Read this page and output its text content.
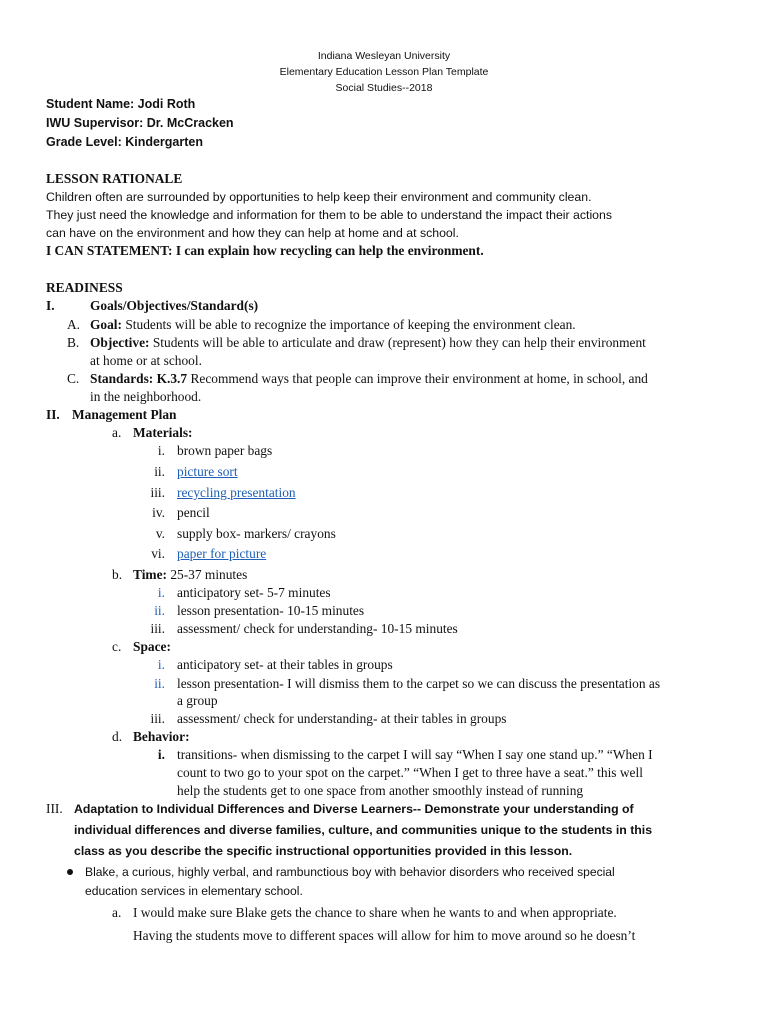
Indiana Wesleyan University
Elementary Education Lesson Plan Template
Social Studies--2018
Student Name: Jodi Roth
IWU Supervisor: Dr. McCracken
Grade Level: Kindergarten
LESSON RATIONALE
Children often are surrounded by opportunities to help keep their environment and community clean.
They just need the knowledge and information for them to be able to understand the impact their actions
can have on the environment and how they can help at home and at school.
I CAN STATEMENT: I can explain how recycling can help the environment.
READINESS
I.	Goals/Objectives/Standard(s)
A. Goal: Students will be able to recognize the importance of keeping the environment clean.
B. Objective: Students will be able to articulate and draw (represent) how they can help their environment
at home or at school.
C. Standards: K.3.7 Recommend ways that people can improve their environment at home, in school, and
in the neighborhood.
II. Management Plan
a. Materials:
i. brown paper bags
ii. picture sort
iii. recycling presentation
iv. pencil
v. supply box- markers/ crayons
vi. paper for picture
b. Time: 25-37 minutes
i. anticipatory set- 5-7 minutes
ii. lesson presentation- 10-15 minutes
iii. assessment/ check for understanding- 10-15 minutes
c. Space:
i. anticipatory set- at their tables in groups
ii. lesson presentation- I will dismiss them to the carpet so we can discuss the presentation as
a group
iii. assessment/ check for understanding- at their tables in groups
d. Behavior:
i. transitions- when dismissing to the carpet I will say “When I say one stand up.” “When I
count to two go to your spot on the carpet.” “When I get to three have a seat.” this well
help the students get to one space from another smoothly instead of running
III. Adaptation to Individual Differences and Diverse Learners-- Demonstrate your understanding of
individual differences and diverse families, culture, and communities unique to the students in this
class as you describe the specific instructional opportunities provided in this lesson.
Blake, a curious, highly verbal, and rambunctious boy with behavior disorders who received special
education services in elementary school.
a. I would make sure Blake gets the chance to share when he wants to and when appropriate.
Having the students move to different spaces will allow for him to move around so he doesn’t
